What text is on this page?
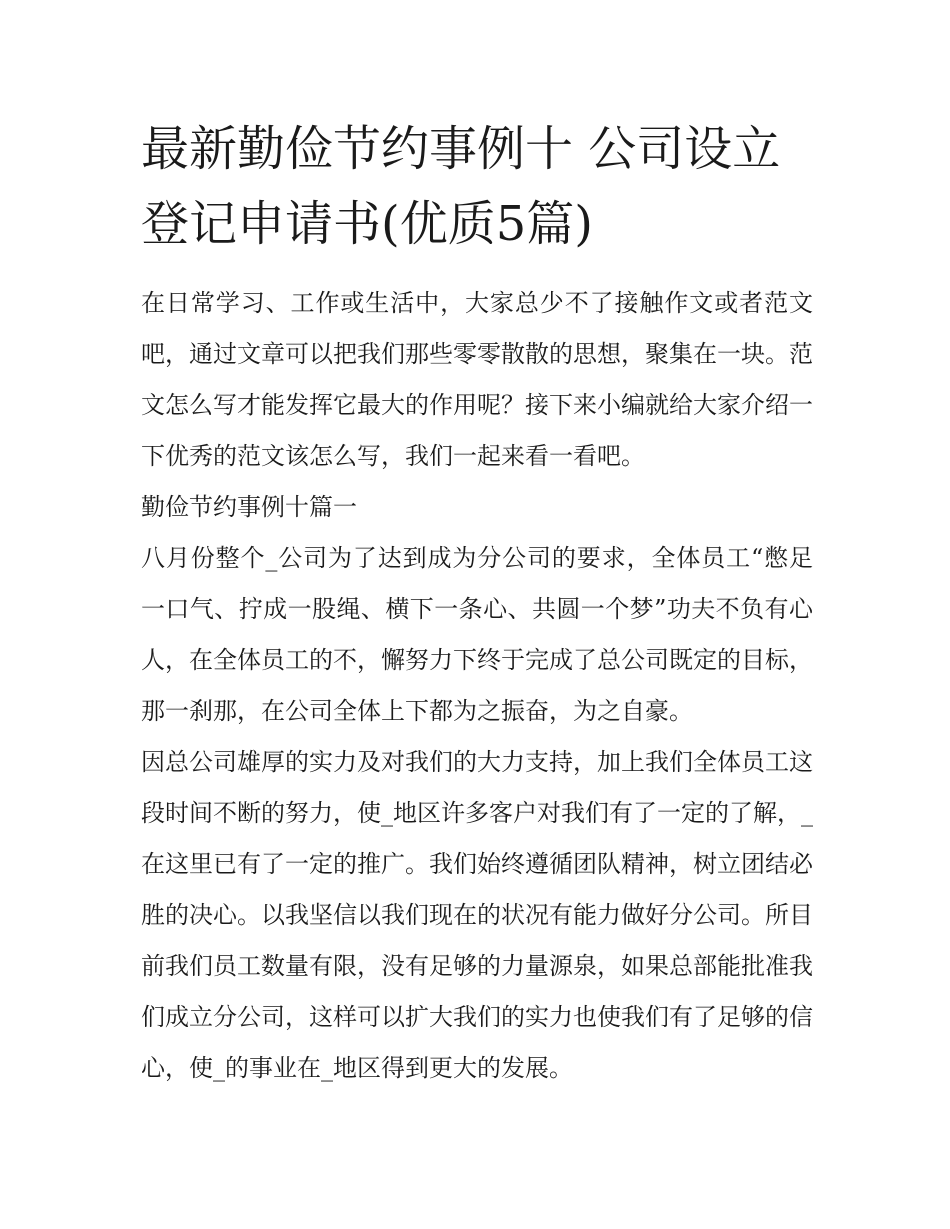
最新勤俭节约事例十 公司设立登记申请书(优质5篇)

在日常学习、工作或生活中，大家总少不了接触作文或者范文吧，通过文章可以把我们那些零零散散的思想，聚集在一块。范文怎么写才能发挥它最大的作用呢？接下来小编就给大家介绍一下优秀的范文该怎么写，我们一起来看一看吧。

勤俭节约事例十篇一

八月份整个_公司为了达到成为分公司的要求，全体员工“憋足一口气、拧成一股绳、横下一条心、共圆一个梦”功夫不负有心人，在全体员工的不，懈努力下终于完成了总公司既定的目标，那一刹那，在公司全体上下都为之振奋，为之自豪。

因总公司雄厚的实力及对我们的大力支持，加上我们全体员工这段时间不断的努力，使_地区许多客户对我们有了一定的了解，_在这里已有了一定的推广。我们始终遵循团队精神，树立团结必胜的决心。以我坚信以我们现在的状况有能力做好分公司。所目前我们员工数量有限，没有足够的力量源泉，如果总部能批准我们成立分公司，这样可以扩大我们的实力也使我们有了足够的信心，使_的事业在_地区得到更大的发展。
